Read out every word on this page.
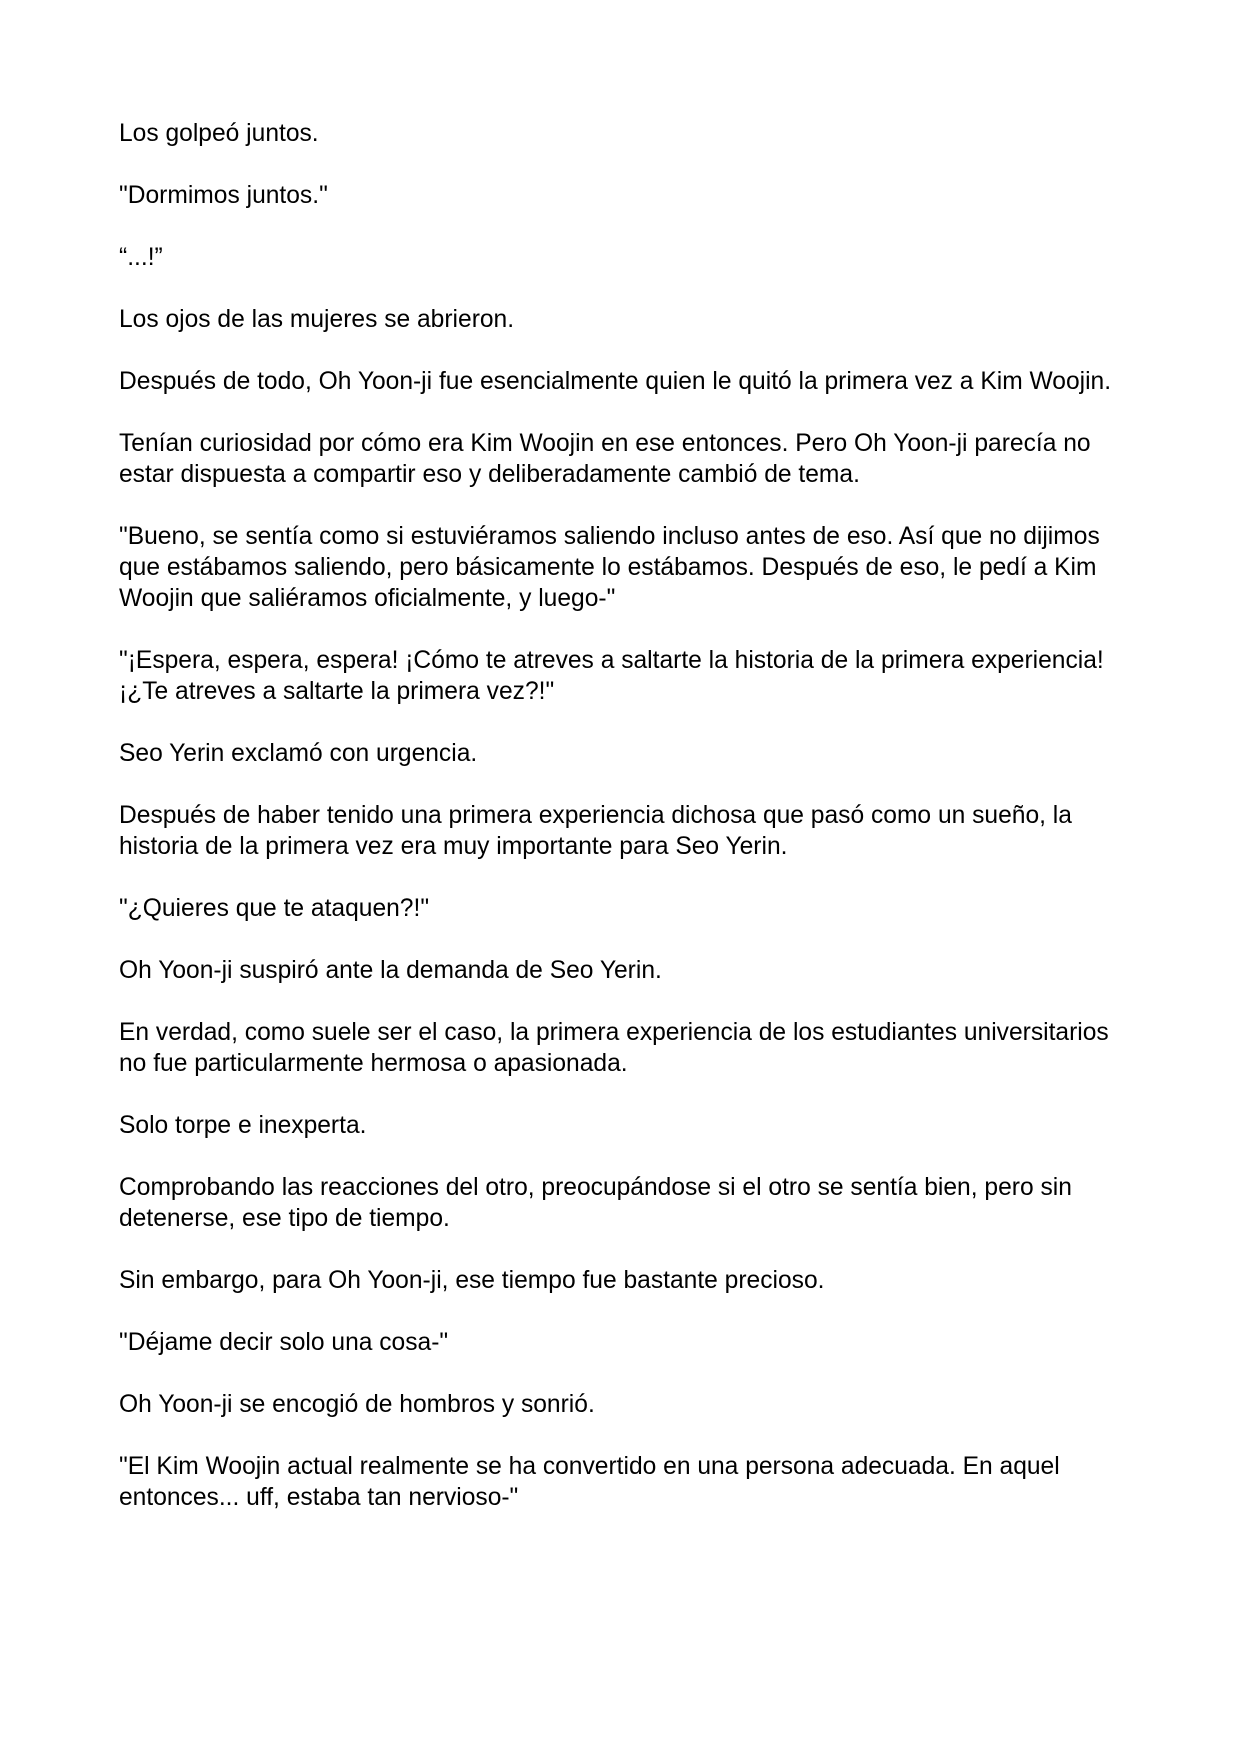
Los golpeó juntos.

"Dormimos juntos."

“...!”

Los ojos de las mujeres se abrieron.

Después de todo, Oh Yoon-ji fue esencialmente quien le quitó la primera vez a Kim Woojin.

Tenían curiosidad por cómo era Kim Woojin en ese entonces. Pero Oh Yoon-ji parecía no estar dispuesta a compartir eso y deliberadamente cambió de tema.

"Bueno, se sentía como si estuviéramos saliendo incluso antes de eso. Así que no dijimos que estábamos saliendo, pero básicamente lo estábamos. Después de eso, le pedí a Kim Woojin que saliéramos oficialmente, y luego-"

"¡Espera, espera, espera! ¡Cómo te atreves a saltarte la historia de la primera experiencia! ¡¿Te atreves a saltarte la primera vez?!"

Seo Yerin exclamó con urgencia.

Después de haber tenido una primera experiencia dichosa que pasó como un sueño, la historia de la primera vez era muy importante para Seo Yerin.

"¿Quieres que te ataquen?!"

Oh Yoon-ji suspiró ante la demanda de Seo Yerin.

En verdad, como suele ser el caso, la primera experiencia de los estudiantes universitarios no fue particularmente hermosa o apasionada.

Solo torpe e inexperta.

Comprobando las reacciones del otro, preocupándose si el otro se sentía bien, pero sin detenerse, ese tipo de tiempo.

Sin embargo, para Oh Yoon-ji, ese tiempo fue bastante precioso.

"Déjame decir solo una cosa-"

Oh Yoon-ji se encogió de hombros y sonrió.

"El Kim Woojin actual realmente se ha convertido en una persona adecuada. En aquel entonces... uff, estaba tan nervioso-"
